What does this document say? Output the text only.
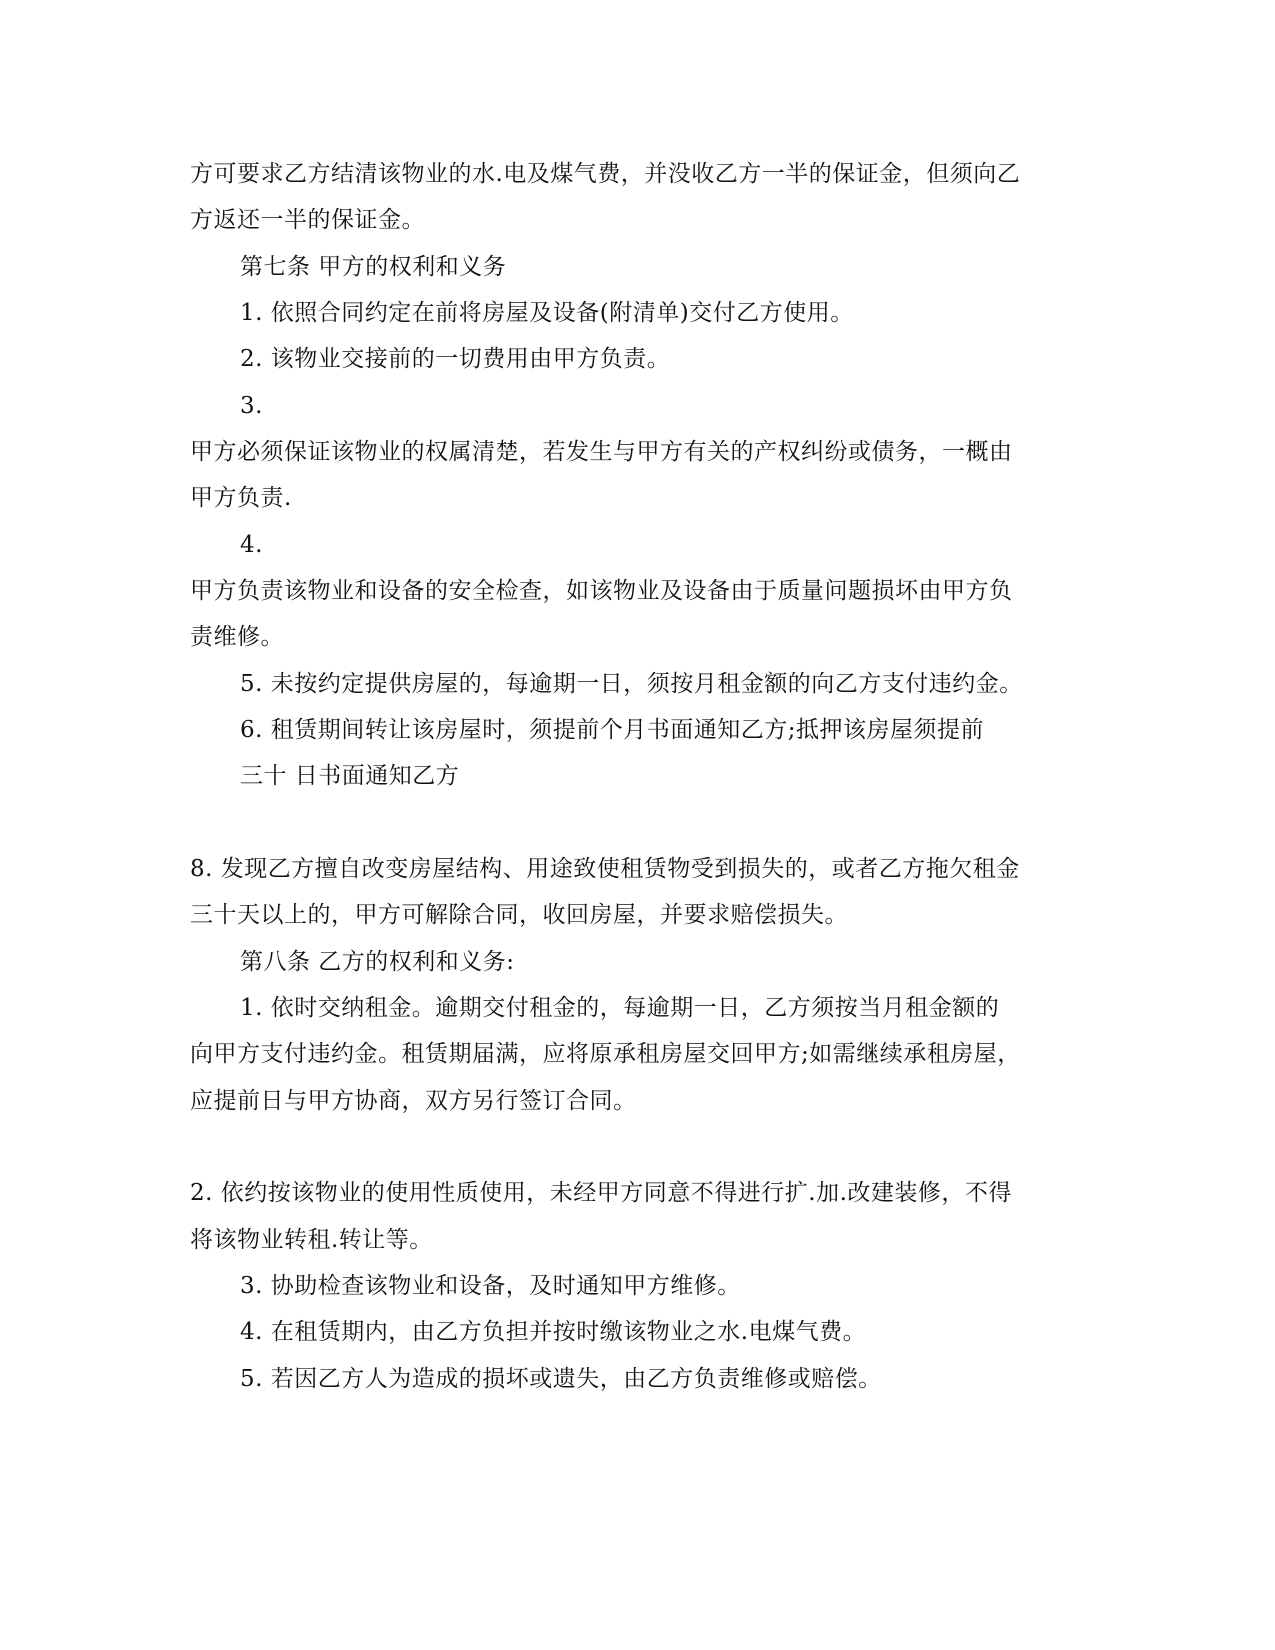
方可要求乙方结清该物业的水.电及煤气费，并没收乙方一半的保证金，但须向乙
方返还一半的保证金。
第七条 甲方的权利和义务
1. 依照合同约定在前将房屋及设备(附清单)交付乙方使用。
2. 该物业交接前的一切费用由甲方负责。
3.
甲方必须保证该物业的权属清楚，若发生与甲方有关的产权纠纷或债务，一概由
甲方负责.
4.
甲方负责该物业和设备的安全检查，如该物业及设备由于质量问题损坏由甲方负
责维修。
5. 未按约定提供房屋的，每逾期一日，须按月租金额的向乙方支付违约金。
6. 租赁期间转让该房屋时，须提前个月书面通知乙方;抵押该房屋须提前
三十 日书面通知乙方
8. 发现乙方擅自改变房屋结构、用途致使租赁物受到损失的，或者乙方拖欠租金
三十天以上的，甲方可解除合同，收回房屋，并要求赔偿损失。
第八条 乙方的权利和义务:
1. 依时交纳租金。逾期交付租金的，每逾期一日，乙方须按当月租金额的
向甲方支付违约金。租赁期届满，应将原承租房屋交回甲方;如需继续承租房屋，
应提前日与甲方协商，双方另行签订合同。
2. 依约按该物业的使用性质使用，未经甲方同意不得进行扩.加.改建装修，不得
将该物业转租.转让等。
3. 协助检查该物业和设备，及时通知甲方维修。
4. 在租赁期内，由乙方负担并按时缴该物业之水.电煤气费。
5. 若因乙方人为造成的损坏或遗失，由乙方负责维修或赔偿。
